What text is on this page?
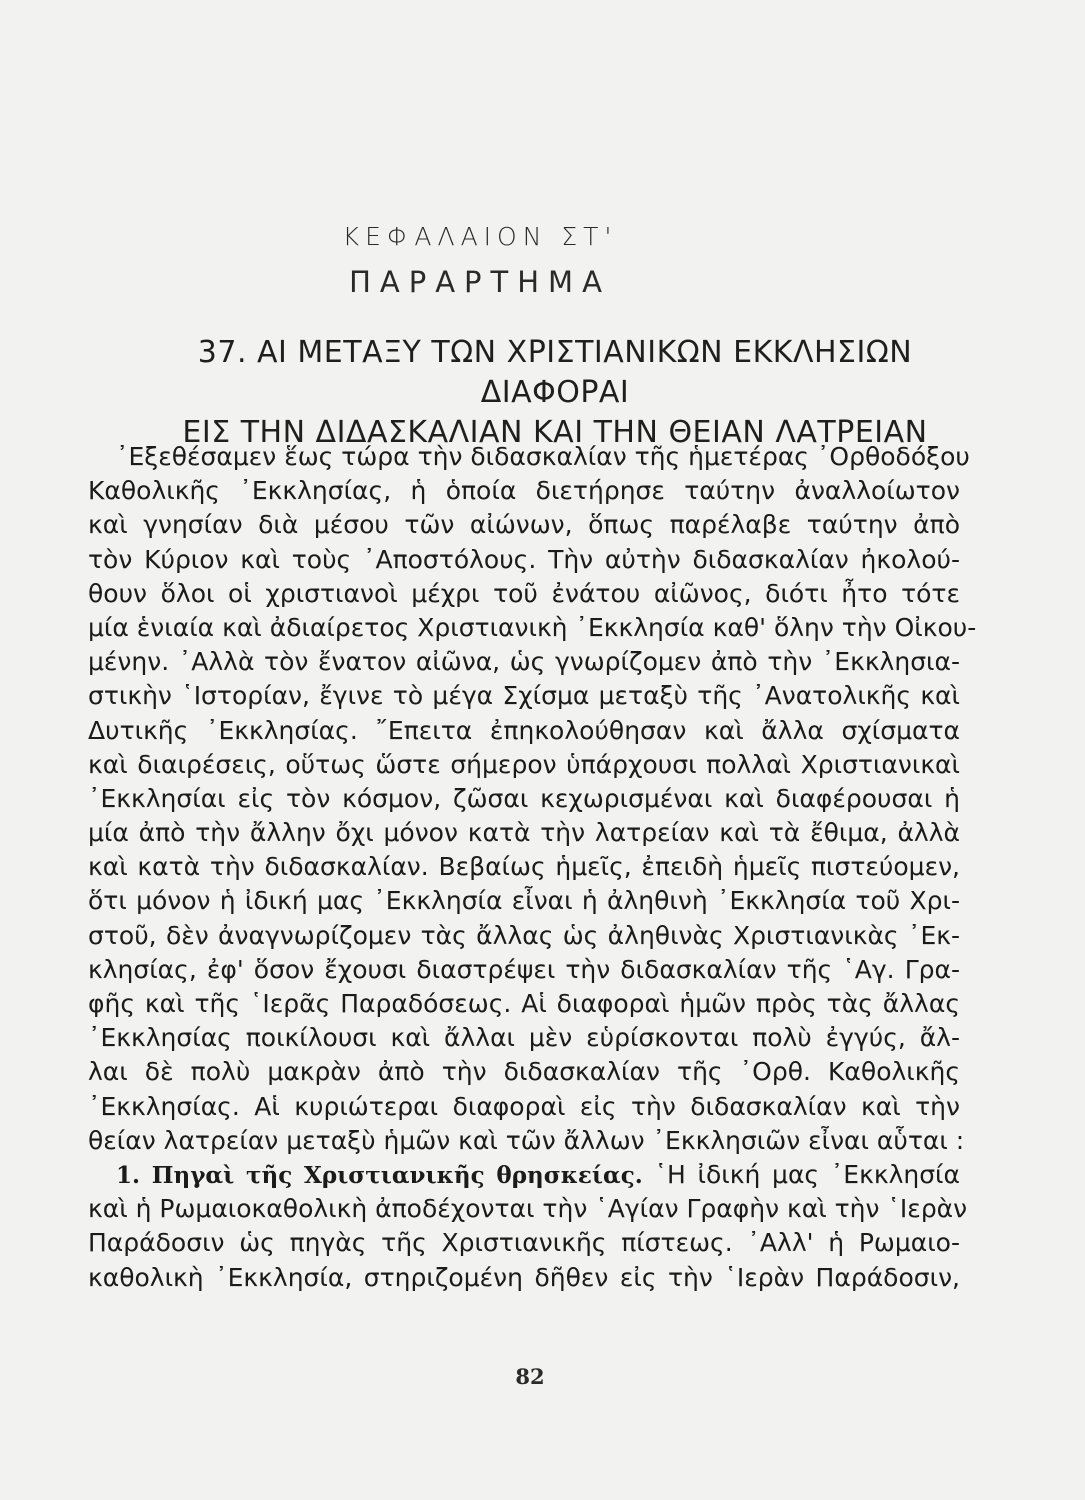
ΚΕΦΑΛΑΙΟΝ ΣΤ'
ΠΑΡΑΡΤΗΜΑ
37. ΑΙ ΜΕΤΑΞΥ ΤΩΝ ΧΡΙΣΤΙΑΝΙΚΩΝ ΕΚΚΛΗΣΙΩΝ ΔΙΑΦΟΡΑΙ
ΕΙΣ ΤΗΝ ΔΙΔΑΣΚΑΛΙΑΝ ΚΑΙ ΤΗΝ ΘΕΙΑΝ ΛΑΤΡΕΙΑΝ
᾿Εξεθέσαμεν ἕως τώρα τὴν διδασκαλίαν τῆς ἡμετέρας ᾿Ορθοδόξου
Καθολικῆς ᾿Εκκλησίας, ἡ ὁποία διετήρησε ταύτην ἀναλλοίωτον
καὶ γνησίαν διὰ μέσου τῶν αἰώνων, ὅπως παρέλαβε ταύτην ἀπὸ
τὸν Κύριον καὶ τοὺς ᾿Αποστόλους. Τὴν αὐτὴν διδασκαλίαν ἠκολού-
θουν ὅλοι οἱ χριστιανοὶ μέχρι τοῦ ἐνάτου αἰῶνος, διότι ἦτο τότε
μία ἑνιαία καὶ ἀδιαίρετος Χριστιανικὴ ᾿Εκκλησία καθ' ὅλην τὴν Οἰκου-
μένην. ᾿Αλλὰ τὸν ἔνατον αἰῶνα, ὡς γνωρίζομεν ἀπὸ τὴν ᾿Εκκλησια-
στικὴν ῾Ιστορίαν, ἔγινε τὸ μέγα Σχίσμα μεταξὺ τῆς ᾿Ανατολικῆς καὶ
Δυτικῆς ᾿Εκκλησίας. ῎Επειτα ἐπηκολούθησαν καὶ ἄλλα σχίσματα
καὶ διαιρέσεις, οὕτως ὥστε σήμερον ὑπάρχουσι πολλαὶ Χριστιανικαὶ
᾿Εκκλησίαι εἰς τὸν κόσμον, ζῶσαι κεχωρισμέναι καὶ διαφέρουσαι ἡ
μία ἀπὸ τὴν ἄλλην ὄχι μόνον κατὰ τὴν λατρείαν καὶ τὰ ἔθιμα, ἀλλὰ
καὶ κατὰ τὴν διδασκαλίαν. Βεβαίως ἡμεῖς, ἐπειδὴ ἡμεῖς πιστεύομεν,
ὅτι μόνον ἡ ἰδική μας ᾿Εκκλησία εἶναι ἡ ἀληθινὴ ᾿Εκκλησία τοῦ Χρι-
στοῦ, δὲν ἀναγνωρίζομεν τὰς ἄλλας ὡς ἀληθινὰς Χριστιανικὰς ᾿Εκ-
κλησίας, ἐφ' ὅσον ἔχουσι διαστρέψει τὴν διδασκαλίαν τῆς ῾Αγ. Γρα-
φῆς καὶ τῆς ῾Ιερᾶς Παραδόσεως. Αἱ διαφοραὶ ἡμῶν πρὸς τὰς ἄλλας
᾿Εκκλησίας ποικίλουσι καὶ ἄλλαι μὲν εὑρίσκονται πολὺ ἐγγύς, ἄλ-
λαι δὲ πολὺ μακρὰν ἀπὸ τὴν διδασκαλίαν τῆς ᾿Ορθ. Καθολικῆς
᾿Εκκλησίας. Αἱ κυριώτεραι διαφοραὶ εἰς τὴν διδασκαλίαν καὶ τὴν
θείαν λατρείαν μεταξὺ ἡμῶν καὶ τῶν ἄλλων ᾿Εκκλησιῶν εἶναι αὗται :
1. Πηγαὶ τῆς Χριστιανικῆς θρησκείας. ῾Η ἰδική μας ᾿Εκκλησία
καὶ ἡ Ρωμαιοκαθολικὴ ἀποδέχονται τὴν ῾Αγίαν Γραφὴν καὶ τὴν ῾Ιερὰν
Παράδοσιν ὡς πηγὰς τῆς Χριστιανικῆς πίστεως. ᾿Αλλ' ἡ Ρωμαιο-
καθολικὴ ᾿Εκκλησία, στηριζομένη δῆθεν εἰς τὴν ῾Ιερὰν Παράδοσιν,
82
